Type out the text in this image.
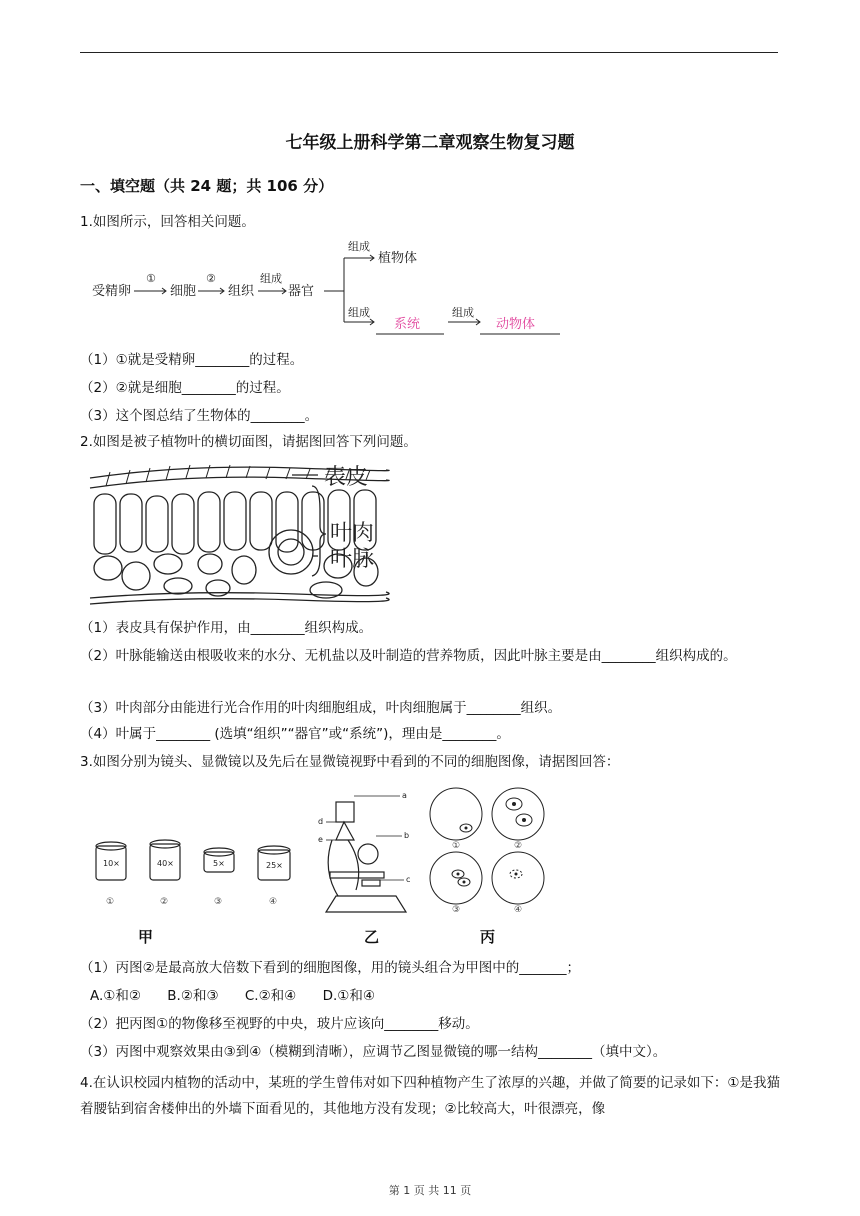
七年级上册科学第二章观察生物复习题
一、填空题（共 24 题；共 106 分）
1.如图所示，回答相关问题。
受精卵
①
细胞
②
组织
组成
器官
组成
植物体
组成
系统
组成
动物体
（1）①就是受精卵________的过程。
（2）②就是细胞________的过程。
（3）这个图总结了生物体的________。
2.如图是被子植物叶的横切面图，请据图回答下列问题。
表皮
叶肉
叶脉
（1）表皮具有保护作用，由________组织构成。
（2）叶脉能输送由根吸收来的水分、无机盐以及叶制造的营养物质，因此叶脉主要是由________组织构成的。
（3）叶肉部分由能进行光合作用的叶肉细胞组成，叶肉细胞属于________组织。
（4）叶属于________ (选填“组织”“器官”或“系统”)，理由是________。
3.如图分别为镜头、显微镜以及先后在显微镜视野中看到的不同的细胞图像，请据图回答：
a
b
c
d
e
①	②	③	④
①	②
③	④
10×	40×	5×	25×
甲	乙	丙
（1）丙图②是最高放大倍数下看到的细胞图像，用的镜头组合为甲图中的_______；
A.①和② B.②和③ C.②和④ D.①和④
（2）把丙图①的物像移至视野的中央，玻片应该向________移动。
（3）丙图中观察效果由③到④（模糊到清晰），应调节乙图显微镜的哪一结构________（填中文）。
4.在认识校园内植物的活动中，某班的学生曾伟对如下四种植物产生了浓厚的兴趣，并做了简要的记录如下：①是我猫着腰钻到宿舍楼伸出的外墙下面看见的，其他地方没有发现；②比较高大，叶很漂亮，像
第 1 页 共 11 页
